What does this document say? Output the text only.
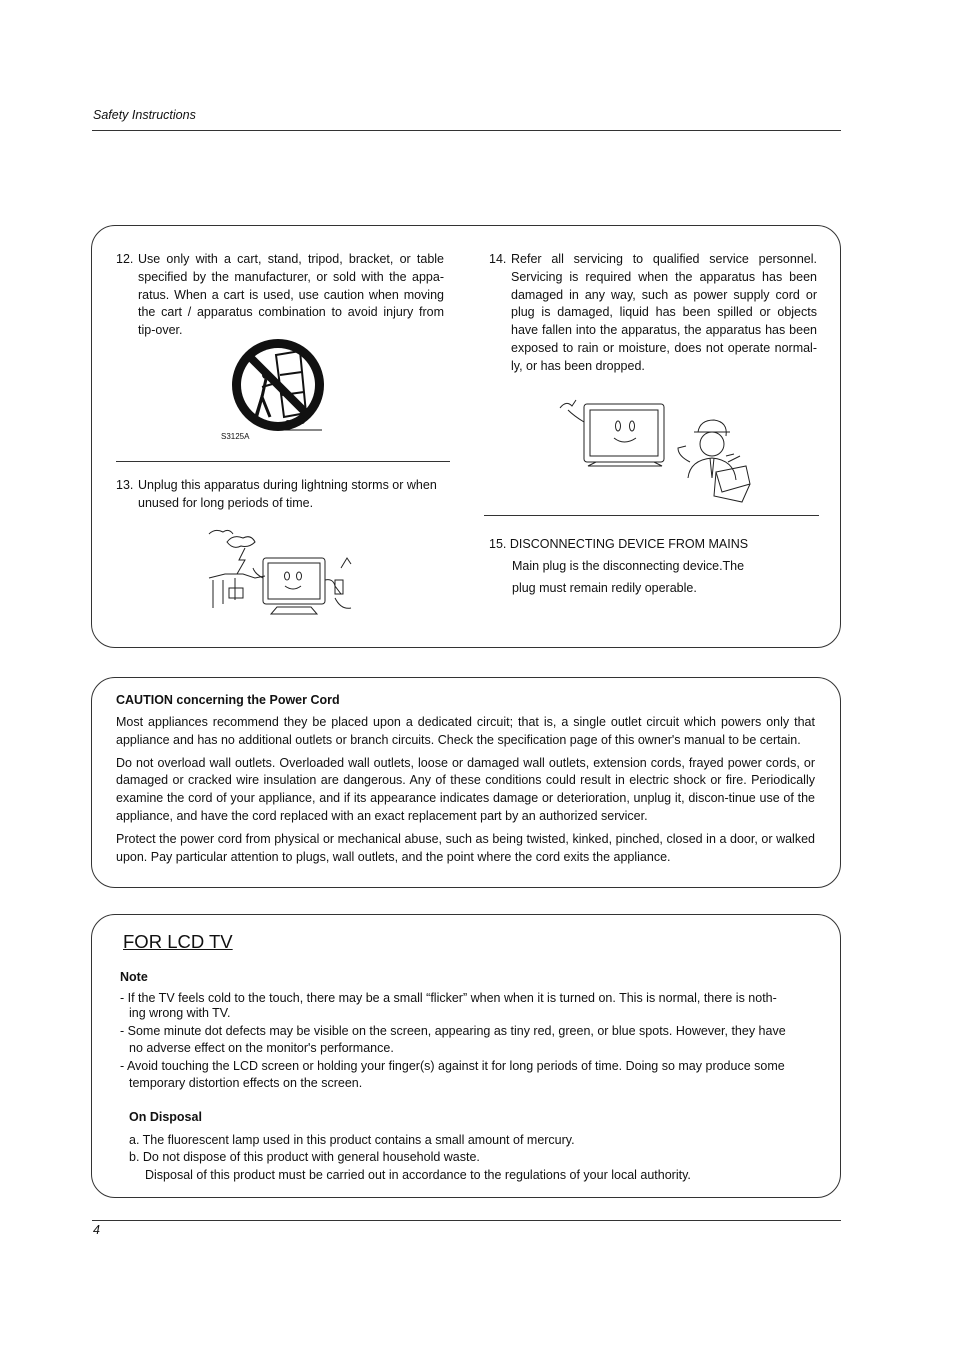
Safety Instructions
12. Use only with a cart, stand, tripod, bracket, or table specified by the manufacturer, or sold with the appa-ratus. When a cart is used, use caution when moving the cart / apparatus combination to avoid injury from tip-over.
S3125A
13. Unplug this apparatus during lightning storms or when unused for long periods of time.
14. Refer all servicing to qualified service personnel. Servicing is required when the apparatus has been damaged in any way, such as power supply cord or plug is damaged, liquid has been spilled or objects have fallen into the apparatus, the apparatus has been exposed to rain or moisture, does not operate normal-ly, or has been dropped.
15. DISCONNECTING DEVICE FROM MAINS
Main plug is the disconnecting device.The
plug must remain redily operable.
CAUTION concerning the Power Cord

Most appliances recommend they be placed upon a dedicated circuit; that is, a single outlet circuit which powers only that appliance and has no additional outlets or branch circuits. Check the specification page of this owner's manual to be certain.

Do not overload wall outlets. Overloaded wall outlets, loose or damaged wall outlets, extension cords, frayed power cords, or damaged or cracked wire insulation are dangerous. Any of these conditions could result in electric shock or fire. Periodically examine the cord of your appliance, and if its appearance indicates damage or deterioration, unplug it, discon-tinue use of the appliance, and have the cord replaced with an exact replacement part by an authorized servicer.

Protect the power cord from physical or mechanical abuse, such as being twisted, kinked, pinched, closed in a door, or walked upon. Pay particular attention to plugs, wall outlets, and the point where the cord exits the appliance.

FOR LCD TV
Note
- If the TV feels cold to the touch, there may be a small “flicker” when when it is turned on. This is normal, there is noth-
ing wrong with TV.
- Some minute dot defects may be visible on the screen, appearing as tiny red, green, or blue spots. However, they have
no adverse effect on the monitor's performance.
- Avoid touching the LCD screen or holding your finger(s) against it for long periods of time. Doing so may produce some
temporary distortion effects on the screen.
On Disposal
a. The fluorescent lamp used in this product contains a small amount of mercury.
b. Do not dispose of this product with general household waste.
Disposal of this product must be carried out in accordance to the regulations of your local authority.
4
